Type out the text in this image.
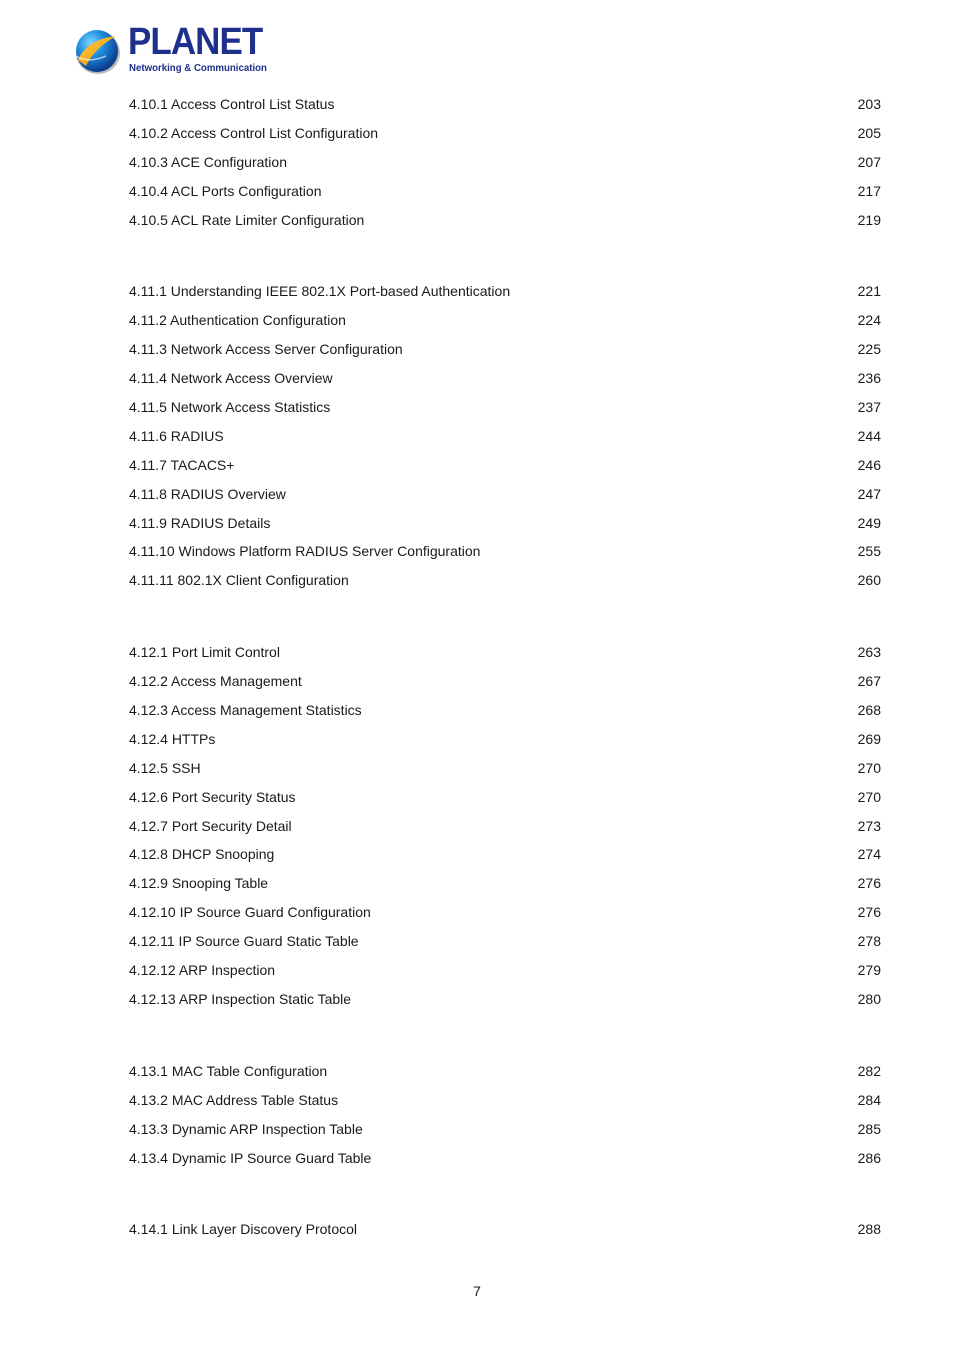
PLANET
Networking & Communication
4.10.1 Access Control List Status .....	203
4.10.2 Access Control List Configuration .....	205
4.10.3 ACE Configuration .....	207
4.10.4 ACL Ports Configuration .....	217
4.10.5 ACL Rate Limiter Configuration .....	219
4.11.1 Understanding IEEE 802.1X Port-based Authentication .....	221
4.11.2 Authentication Configuration .....	224
4.11.3 Network Access Server Configuration .....	225
4.11.4 Network Access Overview .....	236
4.11.5 Network Access Statistics .....	237
4.11.6 RADIUS .....	244
4.11.7 TACACS+ .....	246
4.11.8 RADIUS Overview .....	247
4.11.9 RADIUS Details .....	249
4.11.10 Windows Platform RADIUS Server Configuration .....	255
4.11.11 802.1X Client Configuration .....	260
4.12.1 Port Limit Control .....	263
4.12.2 Access Management .....	267
4.12.3 Access Management Statistics .....	268
4.12.4 HTTPs .....	269
4.12.5 SSH .....	270
4.12.6 Port Security Status .....	270
4.12.7 Port Security Detail .....	273
4.12.8 DHCP Snooping .....	274
4.12.9 Snooping Table .....	276
4.12.10 IP Source Guard Configuration .....	276
4.12.11 IP Source Guard Static Table .....	278
4.12.12 ARP Inspection .....	279
4.12.13 ARP Inspection Static Table .....	280
4.13.1 MAC Table Configuration .....	282
4.13.2 MAC Address Table Status .....	284
4.13.3 Dynamic ARP Inspection Table .....	285
4.13.4 Dynamic IP Source Guard Table .....	286
4.14.1 Link Layer Discovery Protocol .....	288
7
